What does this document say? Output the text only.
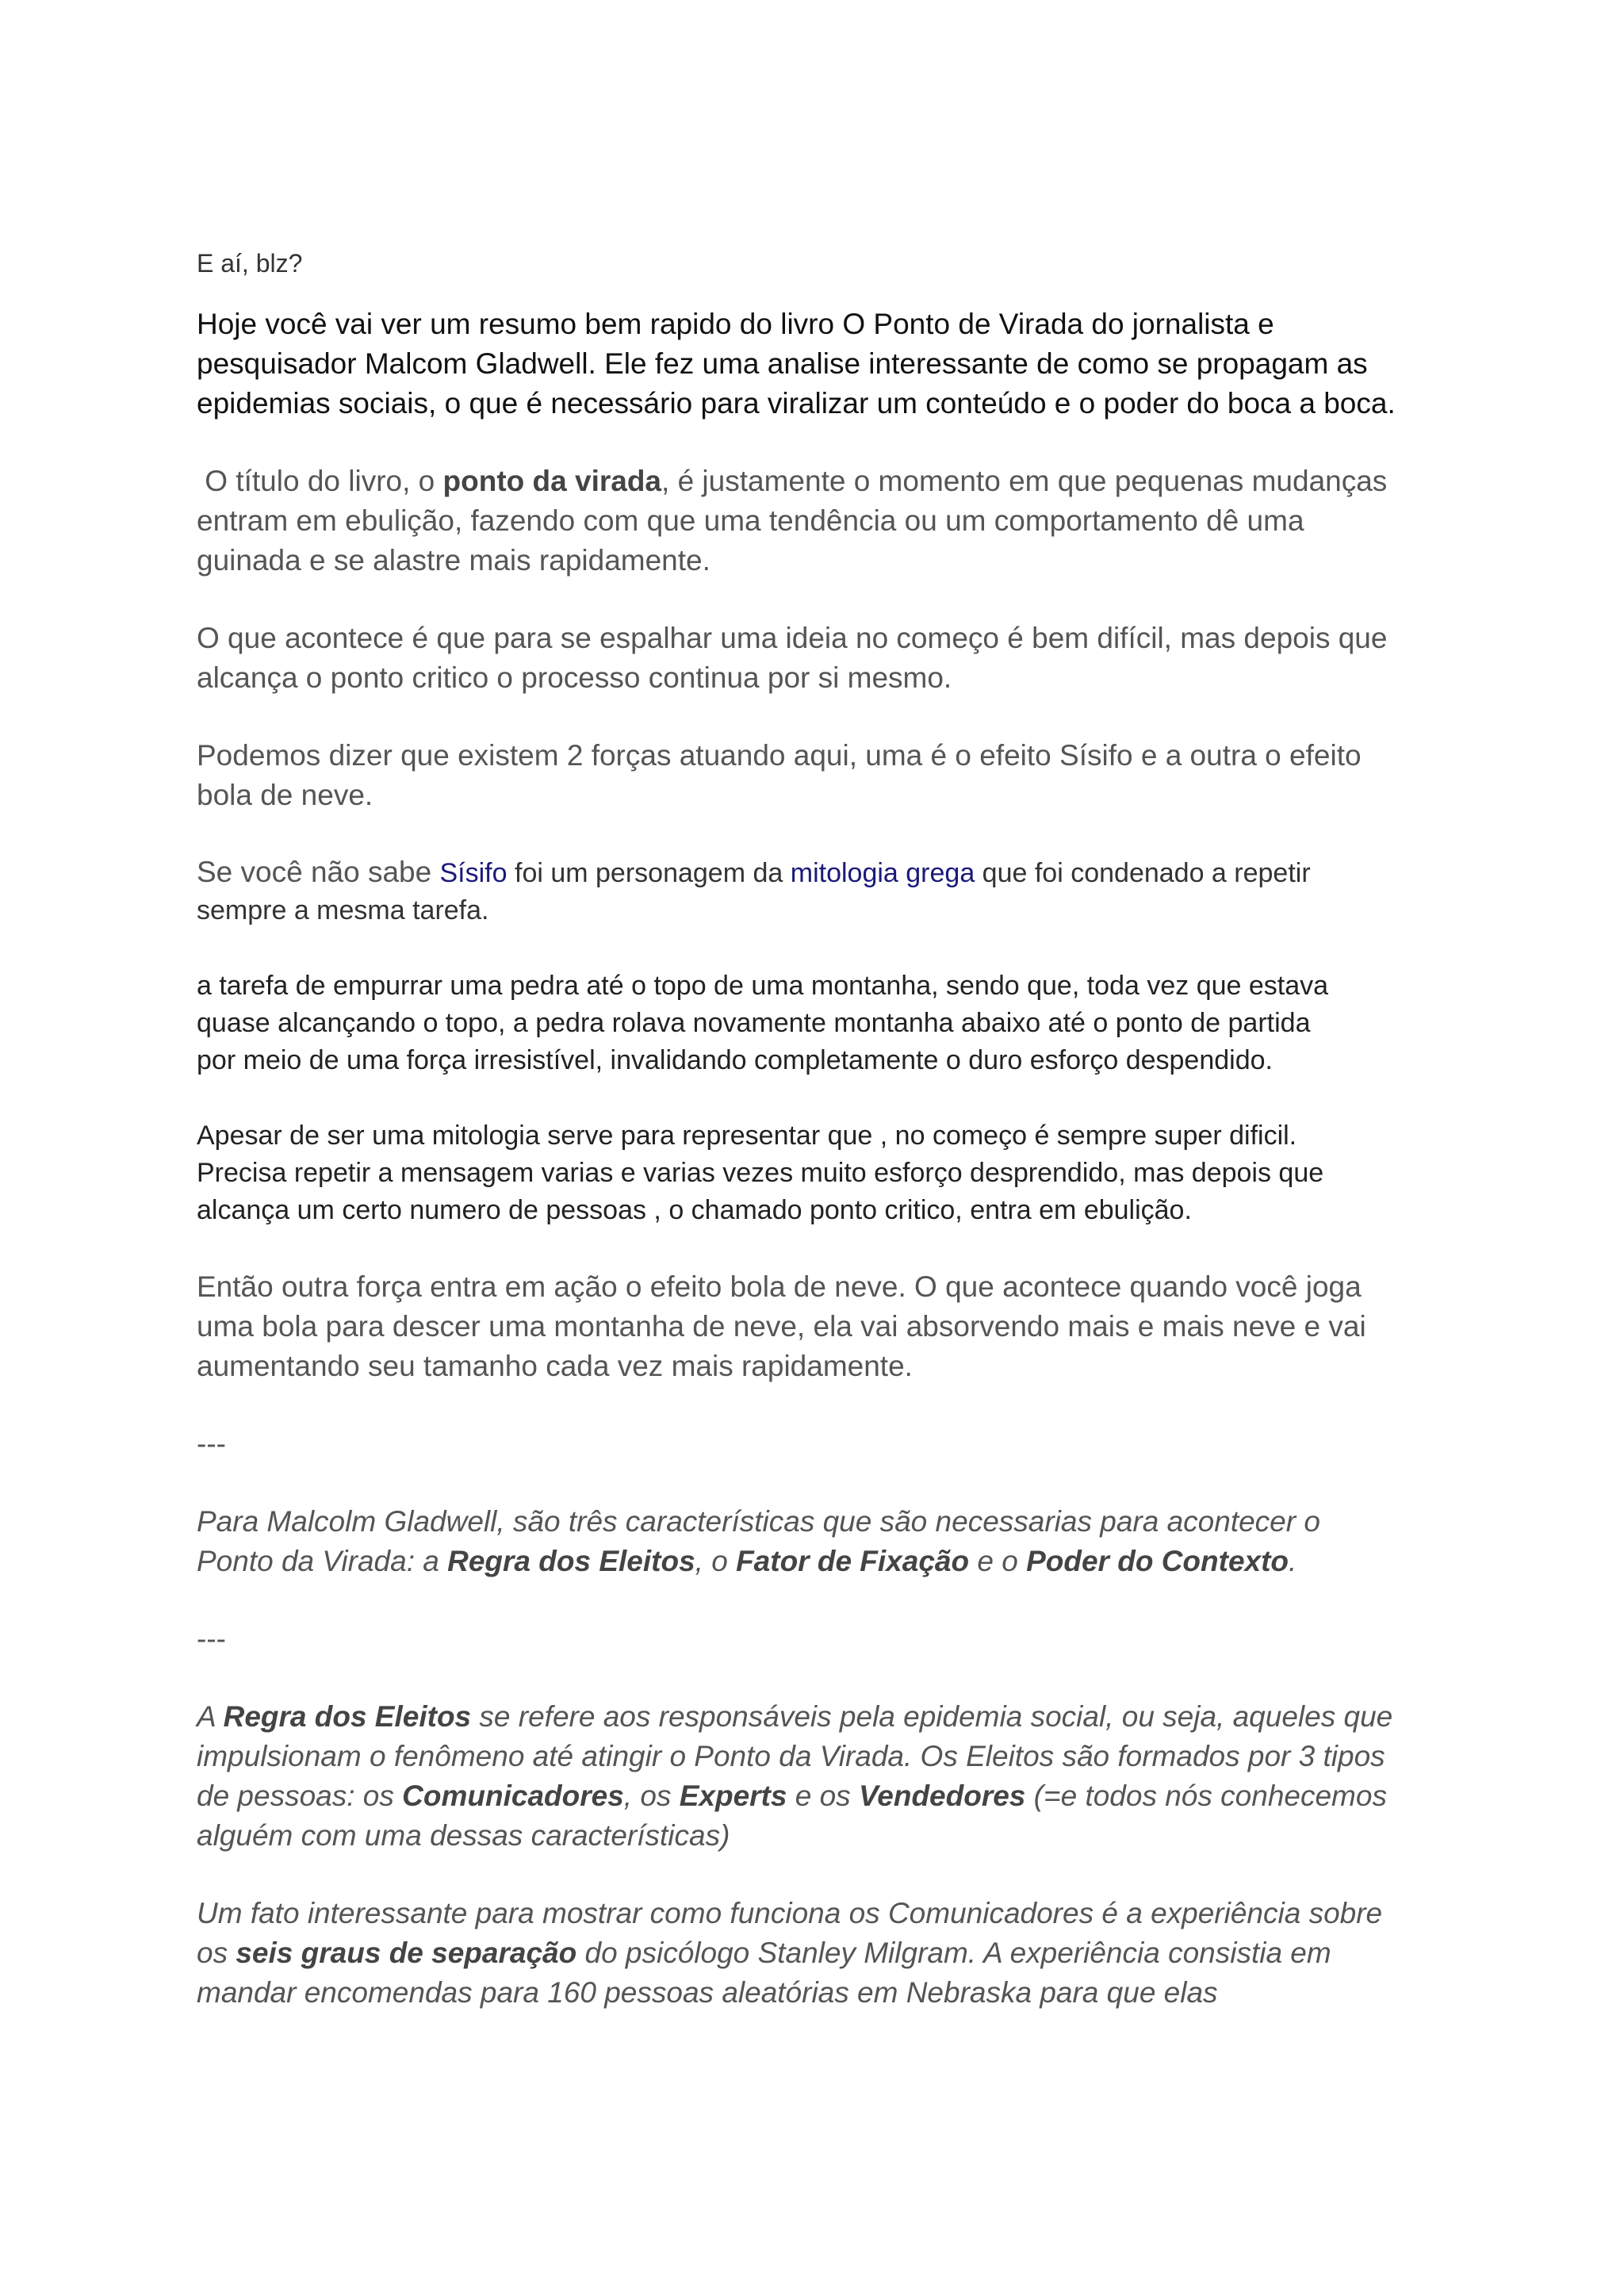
E aí, blz?

Hoje você vai ver um resumo bem rapido do livro O Ponto de Virada do jornalista e
pesquisador Malcom Gladwell. Ele fez uma analise interessante de como se propagam as
epidemias sociais, o que é necessário para viralizar um conteúdo e o poder do boca a boca.

O título do livro, o ponto da virada, é justamente o momento em que pequenas mudanças
entram em ebulição, fazendo com que uma tendência ou um comportamento dê uma
guinada e se alastre mais rapidamente.

O que acontece é que para se espalhar uma ideia no começo é bem difícil, mas depois que
alcança o ponto critico o processo continua por si mesmo.

Podemos dizer que existem 2 forças atuando aqui, uma é o efeito Sísifo e a outra o efeito
bola de neve.

Se você não sabe Sísifo foi um personagem da mitologia grega que foi condenado a repetir
sempre a mesma tarefa.

a tarefa de empurrar uma pedra até o topo de uma montanha, sendo que, toda vez que estava
quase alcançando o topo, a pedra rolava novamente montanha abaixo até o ponto de partida
por meio de uma força irresistível, invalidando completamente o duro esforço despendido.

Apesar de ser uma mitologia serve para representar que , no começo é sempre super dificil.
Precisa repetir a mensagem varias e varias vezes muito esforço desprendido, mas depois que
alcança um certo numero de pessoas , o chamado ponto critico, entra em ebulição.

Então outra força entra em ação o efeito bola de neve. O que acontece quando você joga
uma bola para descer uma montanha de neve, ela vai absorvendo mais e mais neve e vai
aumentando seu tamanho cada vez mais rapidamente.

---

Para Malcolm Gladwell, são três características que são necessarias para acontecer o
Ponto da Virada: a Regra dos Eleitos, o Fator de Fixação e o Poder do Contexto.

---

A Regra dos Eleitos se refere aos responsáveis pela epidemia social, ou seja, aqueles que
impulsionam o fenômeno até atingir o Ponto da Virada. Os Eleitos são formados por 3 tipos
de pessoas: os Comunicadores, os Experts e os Vendedores (=e todos nós conhecemos
alguém com uma dessas características)

Um fato interessante para mostrar como funciona os Comunicadores é a experiência sobre
os seis graus de separação do psicólogo Stanley Milgram. A experiência consistia em
mandar encomendas para 160 pessoas aleatórias em Nebraska para que elas
